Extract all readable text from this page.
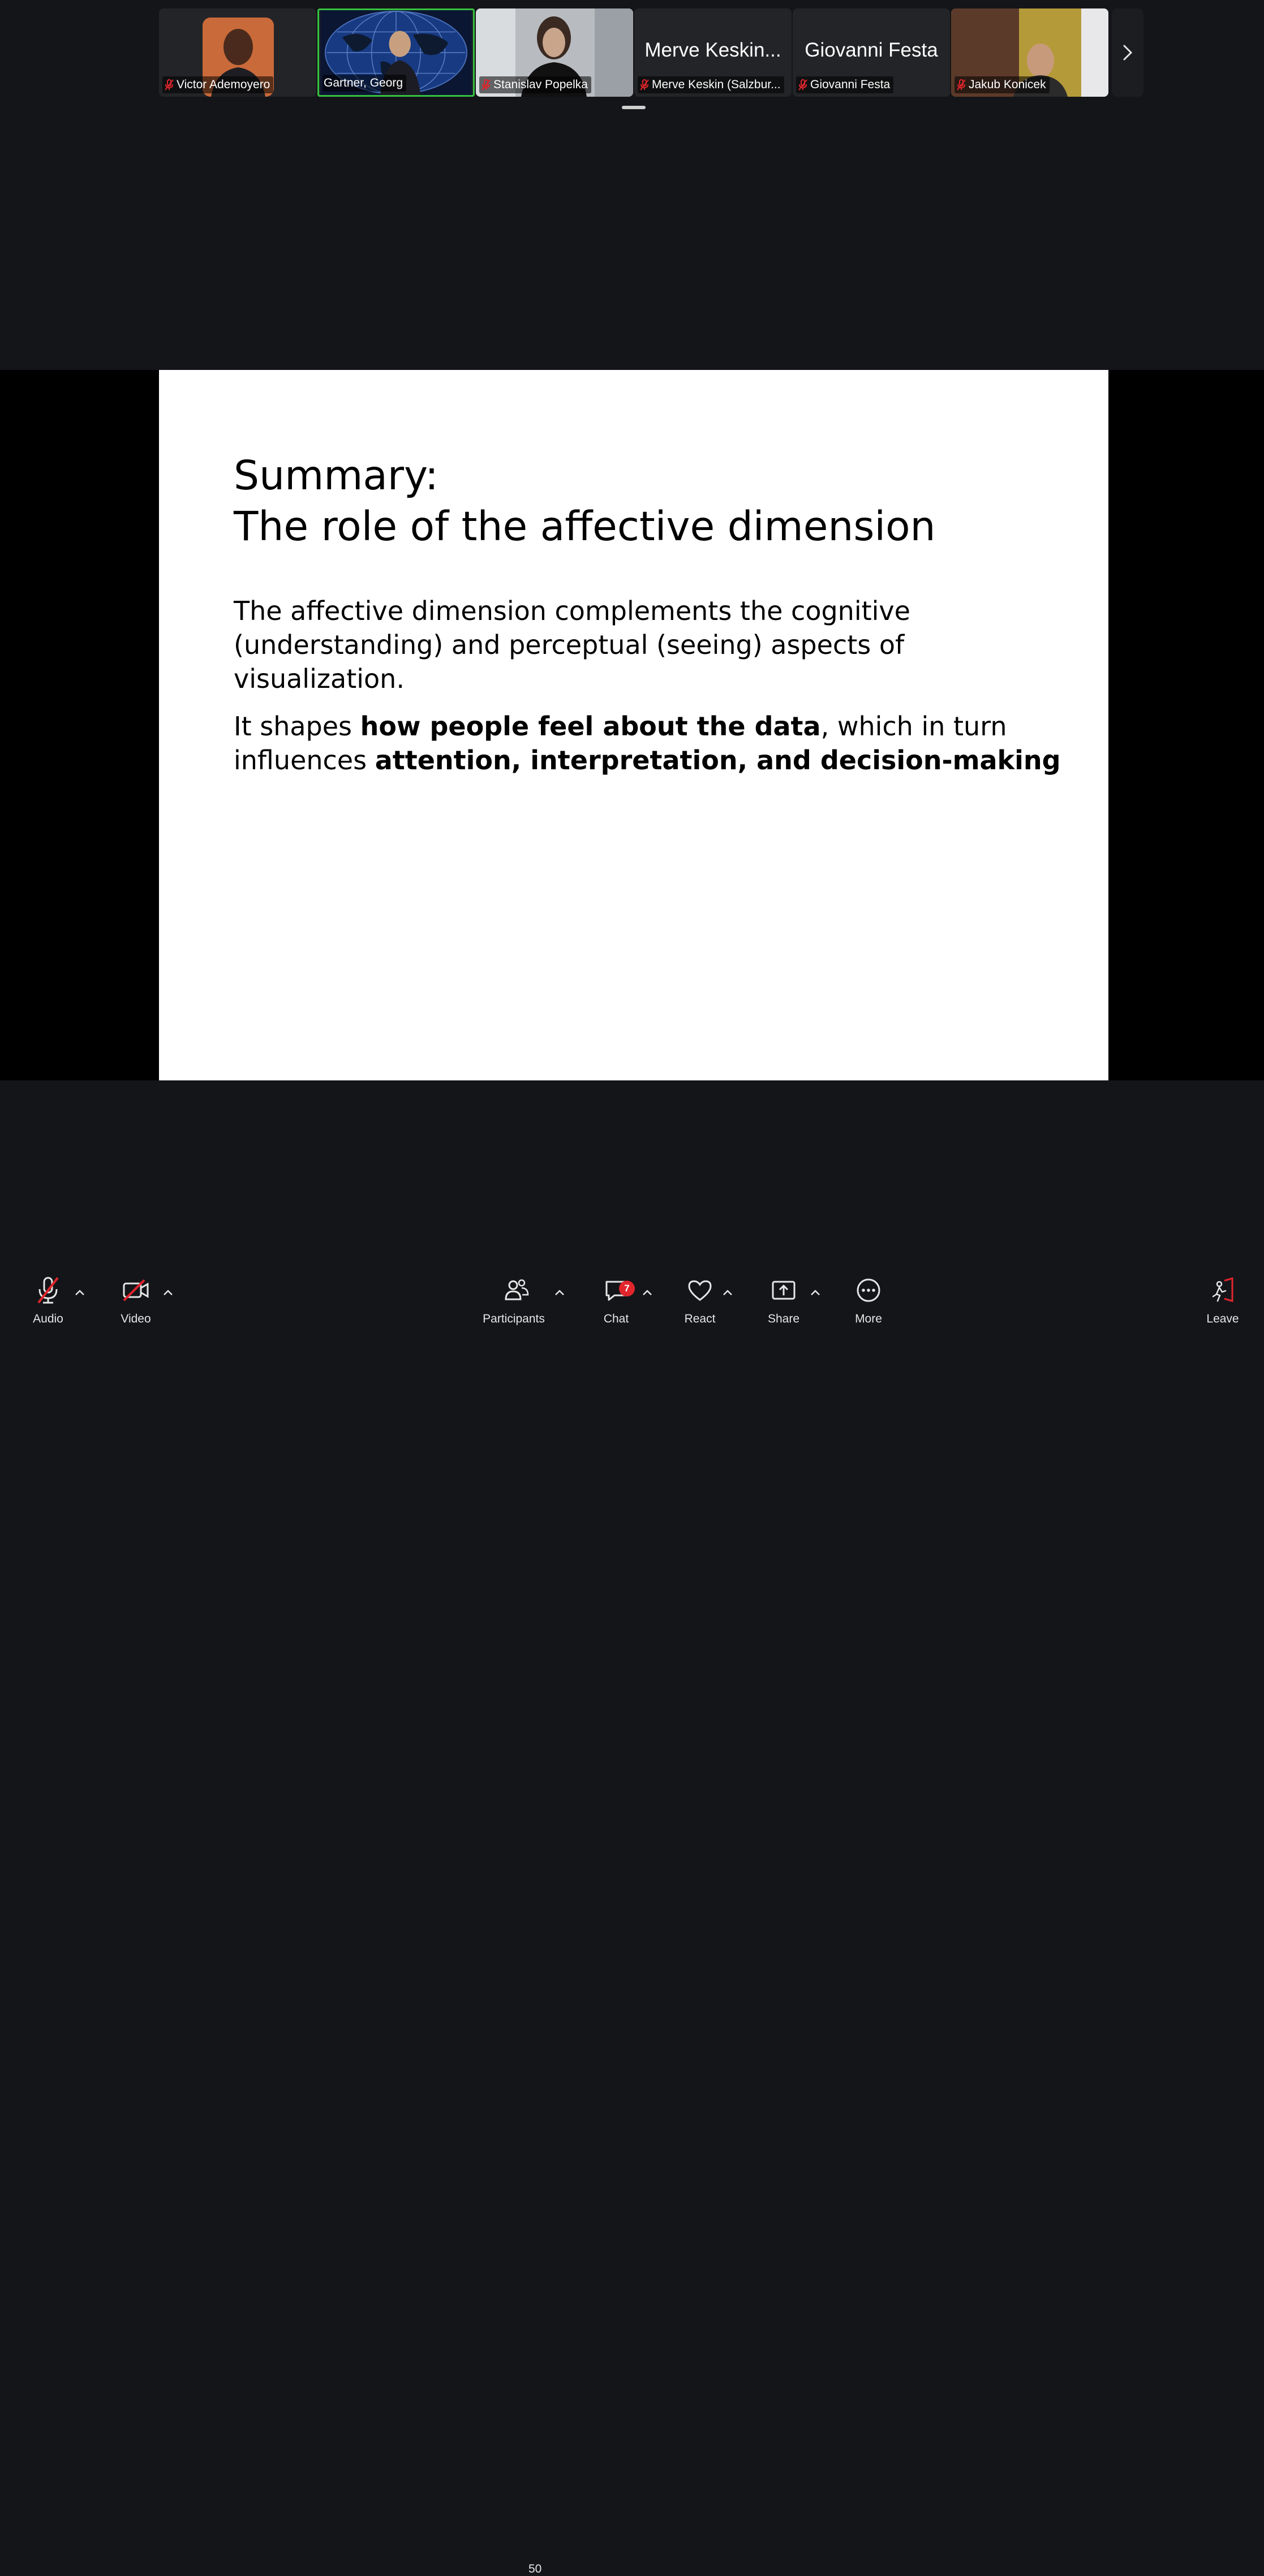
Victor Ademoyero	Gartner, Georg	Stanislav Popelka
Merve Keskin...
Merve Keskin (Salzbur...
Giovanni Festa
Giovanni Festa	Jakub Konicek
Summary:
The role of the affective dimension
The affective dimension complements the cognitive
(understanding) and perceptual (seeing) aspects of
visualization.
It shapes how people feel about the data, which in turn
influences attention, interpretation, and decision-making
Audio	Video	Participants
50
Chat	React	Share	More	Leave
7
